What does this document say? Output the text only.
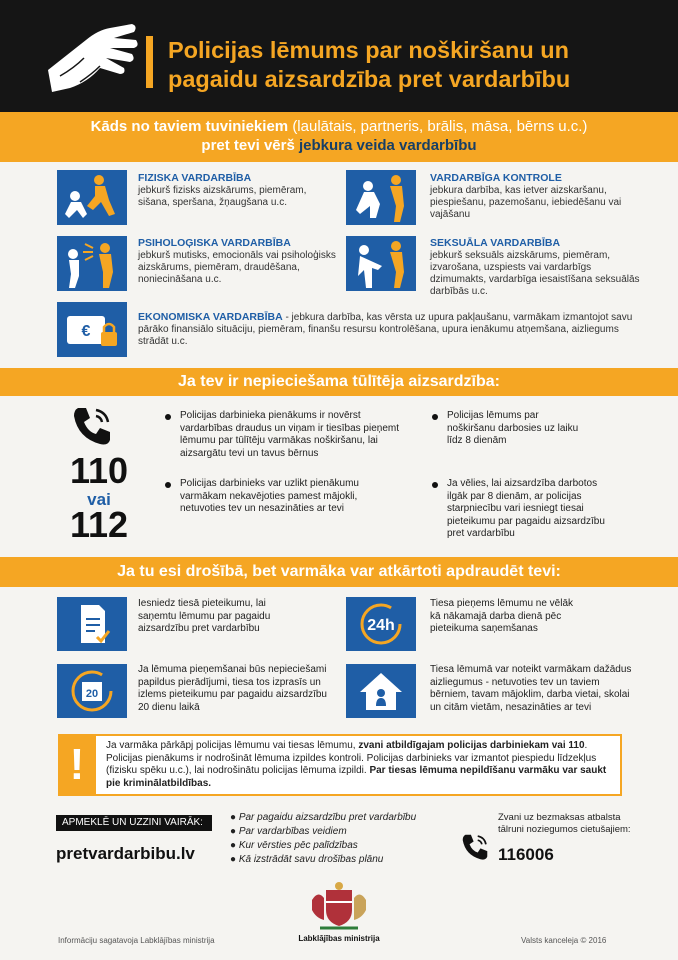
Policijas lēmums par noškiršanu un
pagaidu aizsardzība pret vardarbību
Kāds no taviem tuviniekiem (laulātais, partneris, brālis, māsa, bērns u.c.)
pret tevi vērš jebkura veida vardarbību
FIZISKA VARDARBĪBA
jebkurš fizisks aizskārums, piemēram, sišana, speršana, žņaugšana u.c.
VARDARBĪGA KONTROLE
jebkura darbība, kas ietver aizskaršanu, piespiešanu, pazemošanu, iebiedēšanu vai vajāšanu
PSIHOLOĢISKA VARDARBĪBA
jebkurš mutisks, emocionāls vai psiholoģisks aizskārums, piemēram, draudēšana, noniecināšana u.c.
SEKSUĀLA VARDARBĪBA
jebkurš seksuāls aizskārums, piemēram, izvarošana, uzspiests vai vardarbīgs dzimumakts, vardarbīga iesaistīšana seksuālās darbībās u.c.
€
EKONOMISKA VARDARBĪBA - jebkura darbība, kas vērsta uz upura pakļaušanu, varmākam izmantojot savu pārāko finansiālo situāciju, piemēram, finanšu resursu kontrolēšana, upura ienākumu atņemšana, aizliegums strādāt u.c.
Ja tev ir nepieciešama tūlītēja aizsardzība:
110
vai
112
Policijas darbinieka pienākums ir novērst vardarbības draudus un viņam ir tiesības pieņemt lēmumu par tūlītēju varmākas noškiršanu, lai aizsargātu tevi un tavus bērnus
Policijas lēmums par noškiršanu darbosies uz laiku līdz 8 dienām
Policijas darbinieks var uzlikt pienākumu varmākam nekavējoties pamest mājokli, netuvoties tev un nesazināties ar tevi
Ja vēlies, lai aizsardzība darbotos ilgāk par 8 dienām, ar policijas starpniecību vari iesniegt tiesai pieteikumu par pagaidu aizsardzību pret vardarbību
Ja tu esi drošībā, bet varmāka var atkārtoti apdraudēt tevi:
Iesniedz tiesā pieteikumu, lai saņemtu lēmumu par pagaidu aizsardzību pret vardarbību	24h
Tiesa pieņems lēmumu ne vēlāk kā nākamajā darba dienā pēc pieteikuma saņemšanas
20
Ja lēmuma pieņemšanai būs nepieciešami papildus pierādījumi, tiesa tos izprasīs un izlems pieteikumu par pagaidu aizsardzību 20 dienu laikā
Tiesa lēmumā var noteikt varmākam dažādus aizliegumus - netuvoties tev un taviem bērniem, tavam mājoklim, darba vietai, skolai un citām vietām, nesazināties ar tevi
!	Ja varmāka pārkāpj policijas lēmumu vai tiesas lēmumu, zvani atbildīgajam policijas darbiniekam vai 110. Policijas pienākums ir nodrošināt lēmuma izpildes kontroli. Policijas darbinieks var izmantot piespiedu līdzekļus (fizisku spēku u.c.), lai nodrošinātu policijas lēmuma izpildi. Par tiesas lēmuma nepildīšanu varmāku var saukt pie kriminālatbildības.
APMEKLĒ UN UZZINI VAIRĀK:
pretvardarbibu.lv
● Par pagaidu aizsardzību pret vardarbību
● Par vardarbības veidiem
● Kur vērsties pēc palīdzības
● Kā izstrādāt savu drošības plānu
Zvani uz bezmaksas atbalsta tālruni noziegumos cietušajiem:
116006
Informāciju sagatavoja Labklājības ministrija	Labklājības ministrija	Valsts kanceleja © 2016
